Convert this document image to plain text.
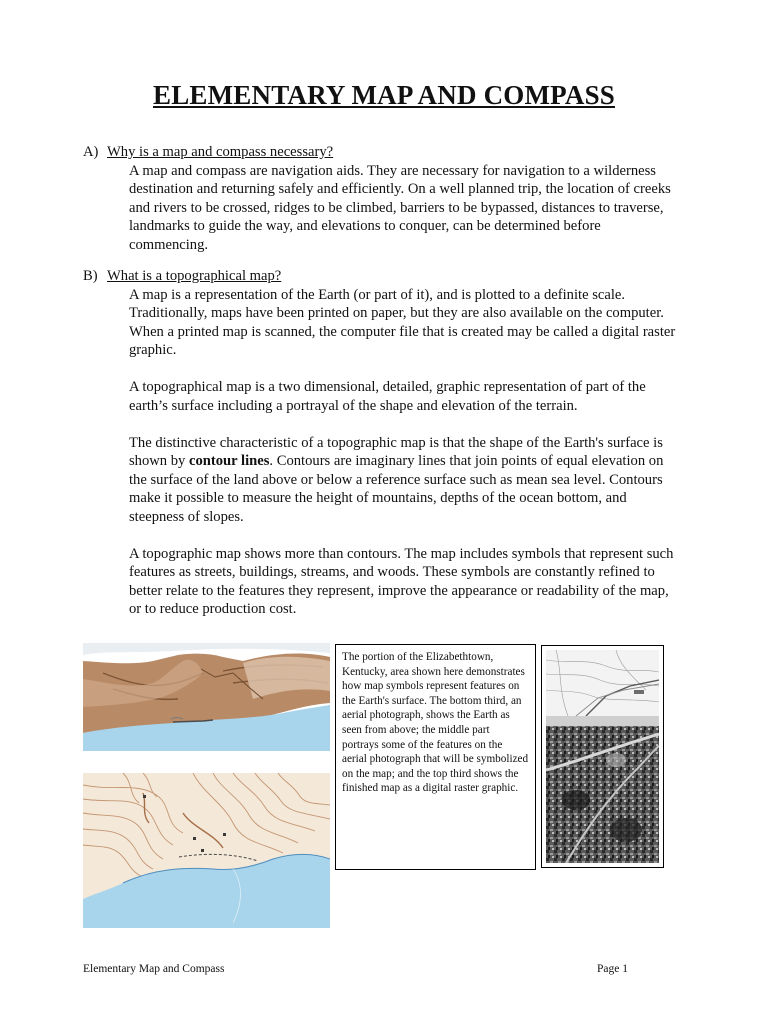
ELEMENTARY MAP AND COMPASS

A) Why is a map and compass necessary?

A map and compass are navigation aids. They are necessary for navigation to a wilderness destination and returning safely and efficiently. On a well planned trip, the location of creeks and rivers to be crossed, ridges to be climbed, barriers to be bypassed, distances to traverse, landmarks to guide the way, and elevations to conquer, can be determined before commencing.

B) What is a topographical map?

A map is a representation of the Earth (or part of it), and is plotted to a definite scale. Traditionally, maps have been printed on paper, but they are also available on the computer. When a printed map is scanned, the computer file that is created may be called a digital raster graphic.

A topographical map is a two dimensional, detailed, graphic representation of part of the earth’s surface including a portrayal of the shape and elevation of the terrain.

The distinctive characteristic of a topographic map is that the shape of the Earth's surface is shown by contour lines. Contours are imaginary lines that join points of equal elevation on the surface of the land above or below a reference surface such as mean sea level. Contours make it possible to measure the height of mountains, depths of the ocean bottom, and steepness of slopes.

A topographic map shows more than contours. The map includes symbols that represent such features as streets, buildings, streams, and woods. These symbols are constantly refined to better relate to the features they represent, improve the appearance or readability of the map, or to reduce production cost.

The portion of the Elizabethtown, Kentucky, area shown here demonstrates how map symbols represent features on the Earth's surface. The bottom third, an aerial photograph, shows the Earth as seen from above; the middle part portrays some of the features on the aerial photograph that will be symbolized on the map; and the top third shows the finished map as a digital raster graphic.

Elementary Map and Compass	Page 1
